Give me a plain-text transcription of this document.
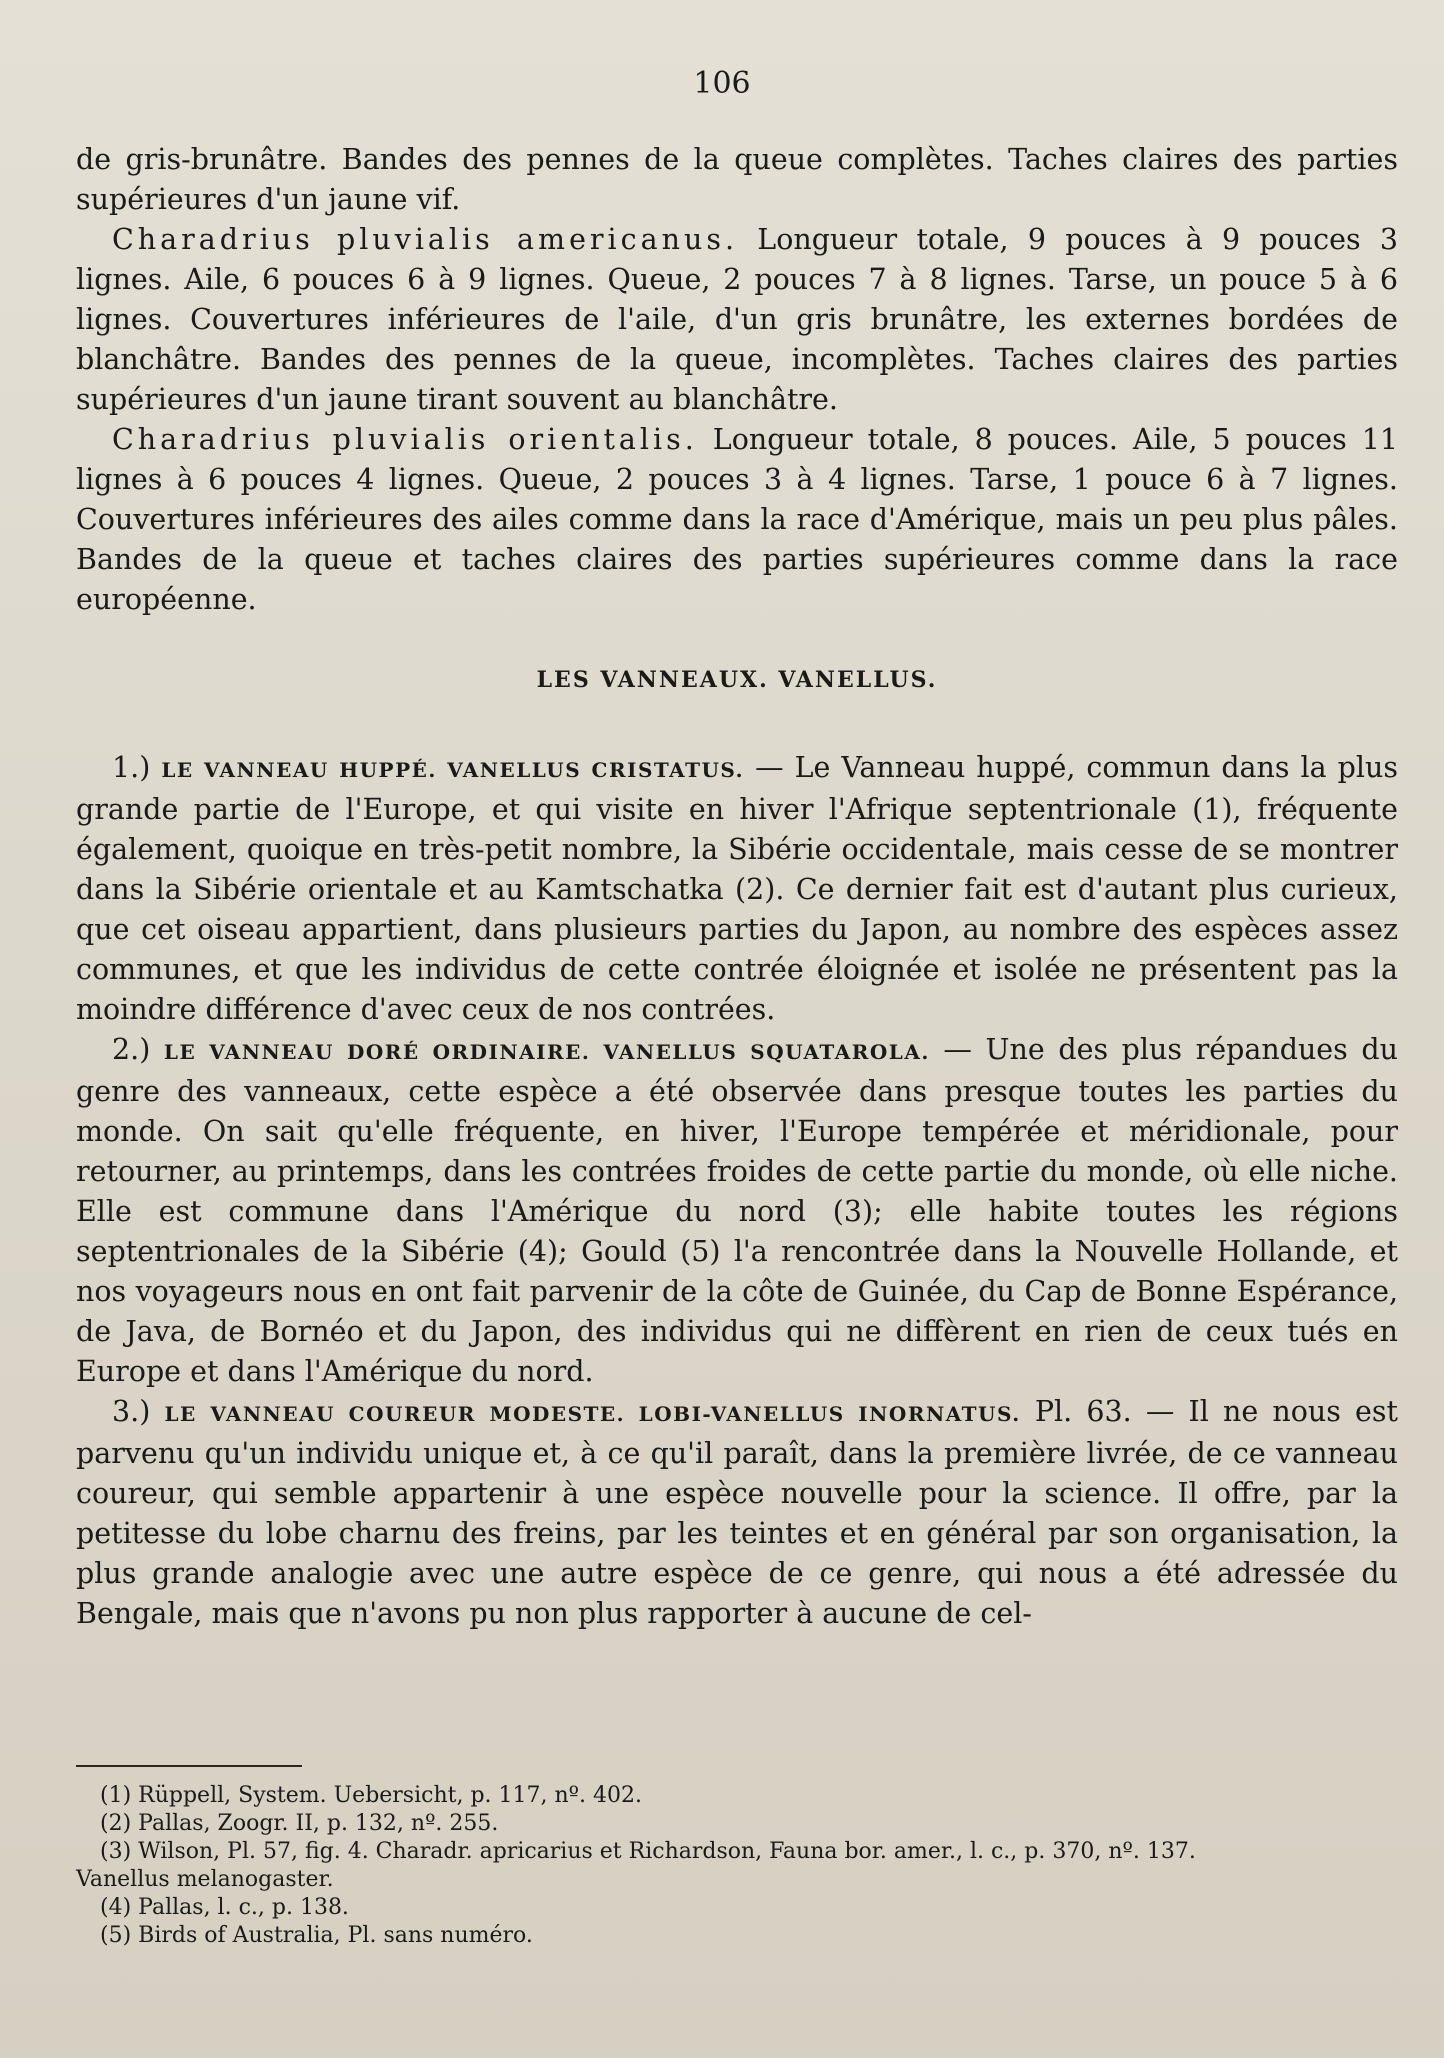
106

de gris-brunâtre. Bandes des pennes de la queue complètes. Taches claires des parties supérieures d'un jaune vif.

Charadrius pluvialis americanus. Longueur totale, 9 pouces à 9 pouces 3 lignes. Aile, 6 pouces 6 à 9 lignes. Queue, 2 pouces 7 à 8 lignes. Tarse, un pouce 5 à 6 lignes. Couvertures inférieures de l'aile, d'un gris brunâtre, les externes bordées de blanchâtre. Bandes des pennes de la queue, incomplètes. Taches claires des parties supérieures d'un jaune tirant souvent au blanchâtre.

Charadrius pluvialis orientalis. Longueur totale, 8 pouces. Aile, 5 pouces 11 lignes à 6 pouces 4 lignes. Queue, 2 pouces 3 à 4 lignes. Tarse, 1 pouce 6 à 7 lignes. Couvertures inférieures des ailes comme dans la race d'Amérique, mais un peu plus pâles. Bandes de la queue et taches claires des parties supérieures comme dans la race européenne.

LES VANNEAUX. VANELLUS.

1.) LE VANNEAU HUPPÉ. VANELLUS CRISTATUS. — Le Vanneau huppé, commun dans la plus grande partie de l'Europe, et qui visite en hiver l'Afrique septentrionale (1), fréquente également, quoique en très-petit nombre, la Sibérie occidentale, mais cesse de se montrer dans la Sibérie orientale et au Kamtschatka (2). Ce dernier fait est d'autant plus curieux, que cet oiseau appartient, dans plusieurs parties du Japon, au nombre des espèces assez communes, et que les individus de cette contrée éloignée et isolée ne présentent pas la moindre différence d'avec ceux de nos contrées.

2.) LE VANNEAU DORÉ ORDINAIRE. VANELLUS SQUATAROLA. — Une des plus répandues du genre des vanneaux, cette espèce a été observée dans presque toutes les parties du monde. On sait qu'elle fréquente, en hiver, l'Europe tempérée et méridionale, pour retourner, au printemps, dans les contrées froides de cette partie du monde, où elle niche. Elle est commune dans l'Amérique du nord (3); elle habite toutes les régions septentrionales de la Sibérie (4); Gould (5) l'a rencontrée dans la Nouvelle Hollande, et nos voyageurs nous en ont fait parvenir de la côte de Guinée, du Cap de Bonne Espérance, de Java, de Bornéo et du Japon, des individus qui ne diffèrent en rien de ceux tués en Europe et dans l'Amérique du nord.

3.) LE VANNEAU COUREUR MODESTE. LOBI-VANELLUS INORNATUS. Pl. 63. — Il ne nous est parvenu qu'un individu unique et, à ce qu'il paraît, dans la première livrée, de ce vanneau coureur, qui semble appartenir à une espèce nouvelle pour la science. Il offre, par la petitesse du lobe charnu des freins, par les teintes et en général par son organisation, la plus grande analogie avec une autre espèce de ce genre, qui nous a été adressée du Bengale, mais que n'avons pu non plus rapporter à aucune de cel-

(1) Rüppell, System. Uebersicht, p. 117, nº. 402.

(2) Pallas, Zoogr. II, p. 132, nº. 255.

(3) Wilson, Pl. 57, fig. 4. Charadr. apricarius et Richardson, Fauna bor. amer., l. c., p. 370, nº. 137.

Vanellus melanogaster.

(4) Pallas, l. c., p. 138.

(5) Birds of Australia, Pl. sans numéro.
